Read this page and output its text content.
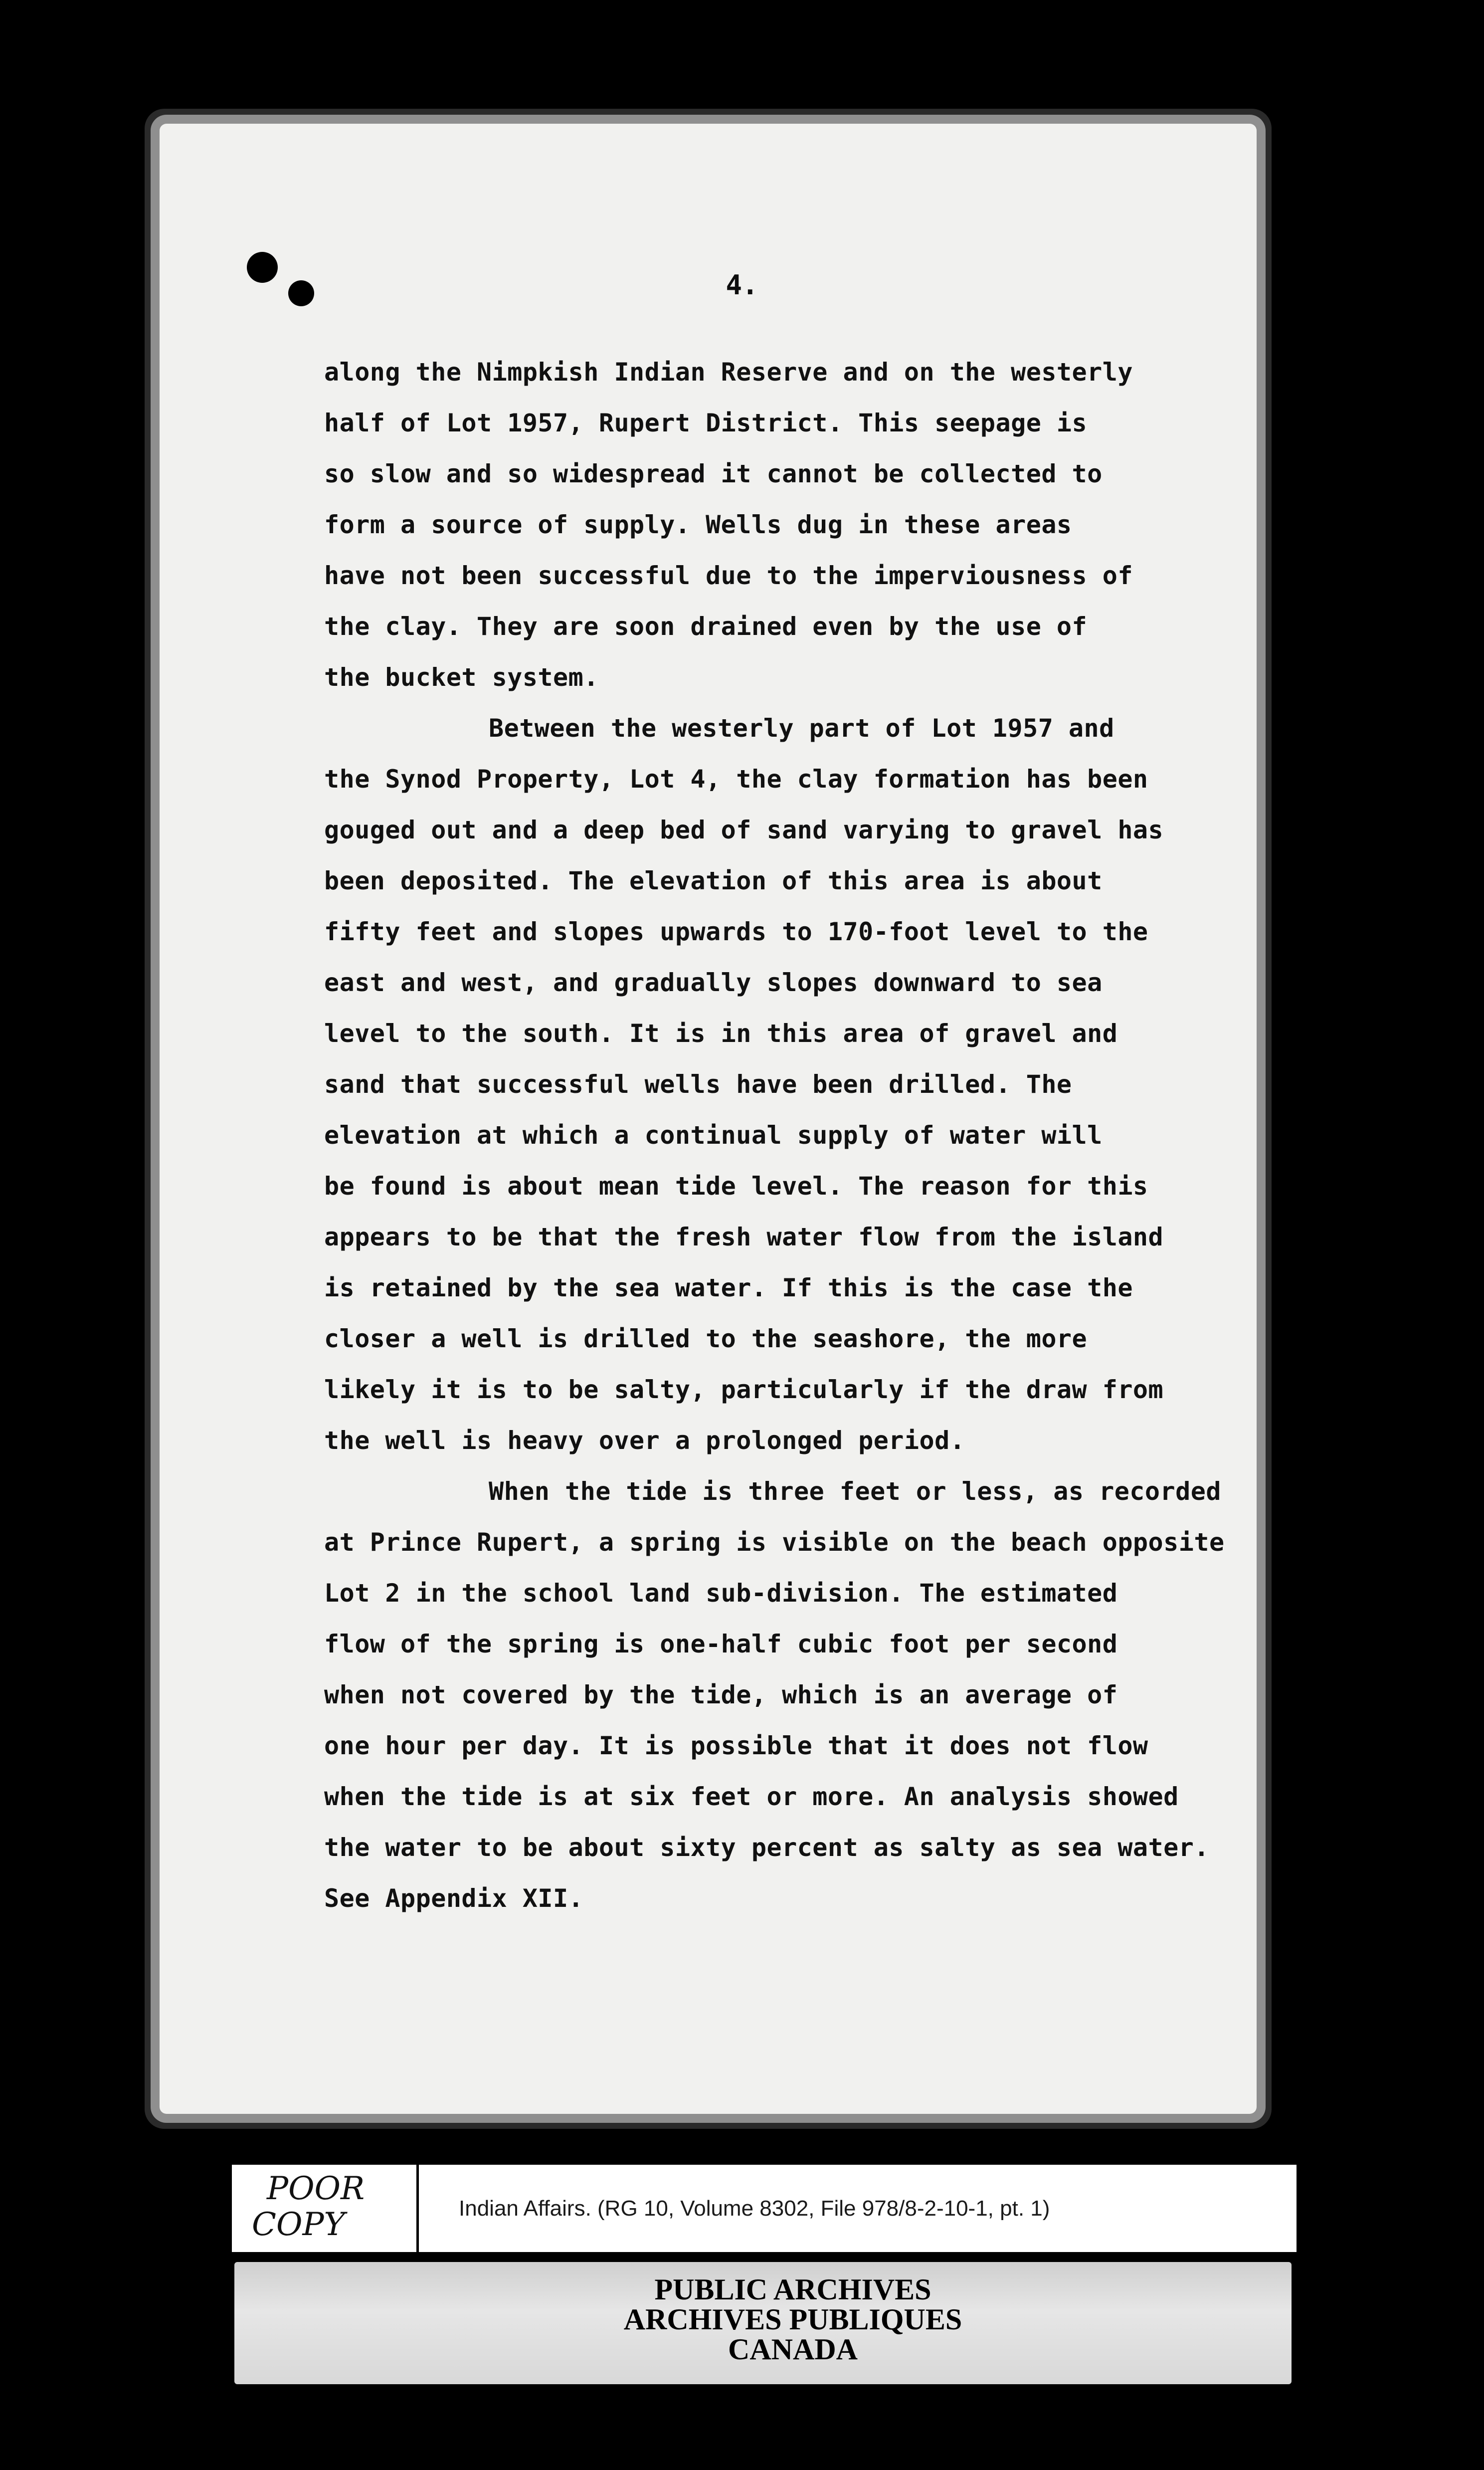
4.

along the Nimpkish Indian Reserve and on the westerly
half of Lot 1957, Rupert District. This seepage is
so slow and so widespread it cannot be collected to
form a source of supply. Wells dug in these areas
have not been successful due to the imperviousness of
the clay. They are soon drained even by the use of
the bucket system.

Between the westerly part of Lot 1957 and
the Synod Property, Lot 4, the clay formation has been
gouged out and a deep bed of sand varying to gravel has
been deposited. The elevation of this area is about
fifty feet and slopes upwards to 170-foot level to the
east and west, and gradually slopes downward to sea
level to the south. It is in this area of gravel and
sand that successful wells have been drilled. The
elevation at which a continual supply of water will
be found is about mean tide level. The reason for this
appears to be that the fresh water flow from the island
is retained by the sea water. If this is the case the
closer a well is drilled to the seashore, the more
likely it is to be salty, particularly if the draw from
the well is heavy over a prolonged period.

When the tide is three feet or less, as recorded
at Prince Rupert, a spring is visible on the beach opposite
Lot 2 in the school land sub-division. The estimated
flow of the spring is one-half cubic foot per second
when not covered by the tide, which is an average of
one hour per day. It is possible that it does not flow
when the tide is at six feet or more. An analysis showed
the water to be about sixty percent as salty as sea water.
See Appendix XII.

POOR
COPY	Indian Affairs. (RG 10, Volume 8302, File 978/8-2-10-1, pt. 1)
PUBLIC ARCHIVES
ARCHIVES PUBLIQUES
CANADA
